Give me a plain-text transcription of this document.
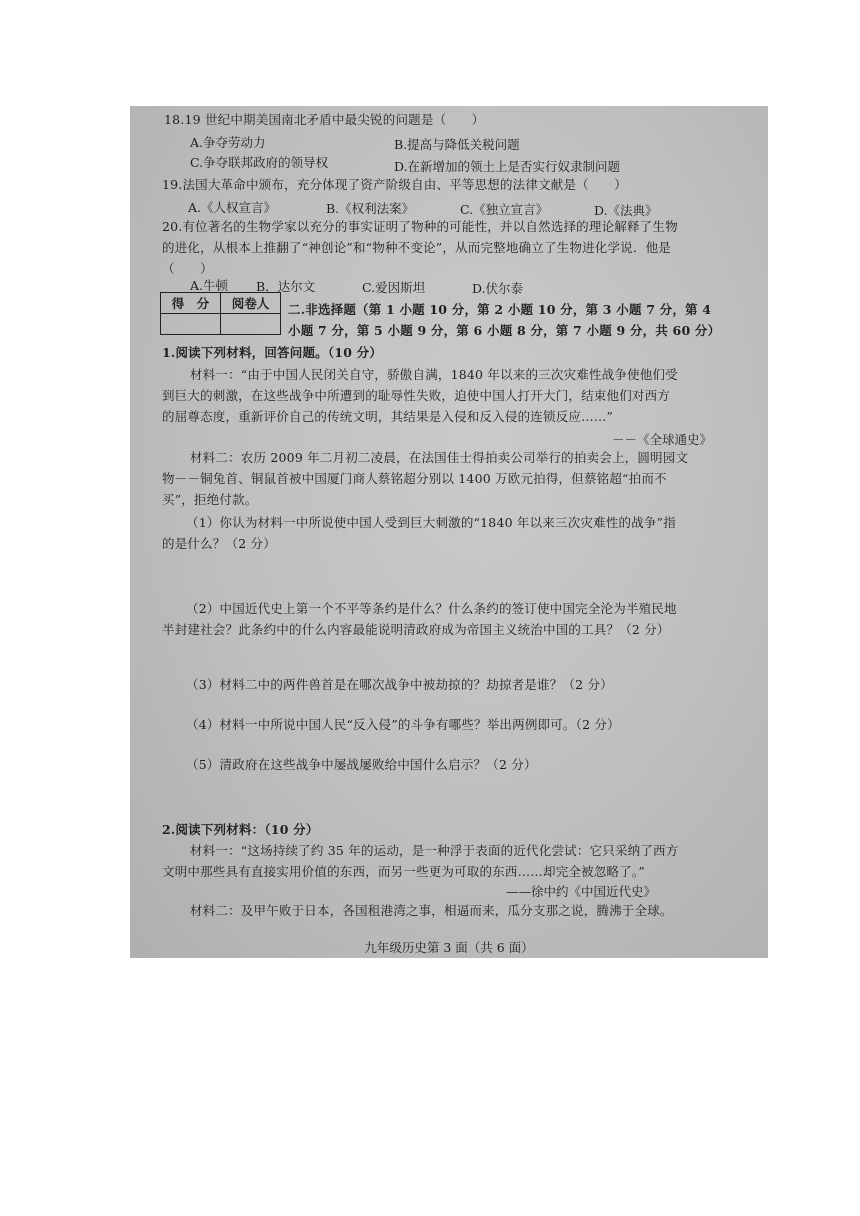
18.19 世纪中期美国南北矛盾中最尖锐的问题是（　　）
A.争夺劳动力	B.提高与降低关税问题
C.争夺联邦政府的领导权	D.在新增加的领土上是否实行奴隶制问题
19.法国大革命中颁布，充分体现了资产阶级自由、平等思想的法律文献是（　　）
A.《人权宣言》	B.《权利法案》	C.《独立宣言》	D.《法典》
20.有位著名的生物学家以充分的事实证明了物种的可能性，并以自然选择的理论解释了生物
的进化，从根本上推翻了“神创论”和“物种不变论”，从而完整地确立了生物进化学说．他是
（　　）
A.牛顿 B．达尔文	C.爱因斯坦	D.伏尔泰
得　分	阅卷人
	二.非选择题（第 1 小题 10 分，第 2 小题 10 分，第 3 小题 7 分，第 4
小题 7 分，第 5 小题 9 分，第 6 小题 8 分，第 7 小题 9 分，共 60 分）
1.阅读下列材料，回答问题。（10 分）
材料一：“由于中国人民闭关自守，骄傲自满，1840 年以来的三次灾难性战争使他们受
到巨大的刺激，在这些战争中所遭到的耻辱性失败，迫使中国人打开大门，结束他们对西方
的屈尊态度，重新评价自己的传统文明，其结果是入侵和反入侵的连锁反应……”
－－《全球通史》
材料二：农历 2009 年二月初二凌晨，在法国佳士得拍卖公司举行的拍卖会上，圆明园文
物－－铜兔首、铜鼠首被中国厦门商人蔡铭超分别以 1400 万欧元拍得，但蔡铭超“拍而不
买”，拒绝付款。
（1）你认为材料一中所说使中国人受到巨大刺激的“1840 年以来三次灾难性的战争”指
的是什么？（2 分）
（2）中国近代史上第一个不平等条约是什么？什么条约的签订使中国完全沦为半殖民地
半封建社会？此条约中的什么内容最能说明清政府成为帝国主义统治中国的工具？（2 分）
（3）材料二中的两件兽首是在哪次战争中被劫掠的？劫掠者是谁？（2 分）
（4）材料一中所说中国人民“反入侵”的斗争有哪些？举出两例即可。（2 分）
（5）清政府在这些战争中屡战屡败给中国什么启示？（2 分）
2.阅读下列材料：（10 分）
材料一：“这场持续了约 35 年的运动，是一种浮于表面的近代化尝试：它只采纳了西方
文明中那些具有直接实用价值的东西，而另一些更为可取的东西……却完全被忽略了。”
——徐中约《中国近代史》
材料二：及甲午败于日本，各国租港湾之事，相逼而来，瓜分支那之说，腾沸于全球。
九年级历史第 3 面（共 6 面）
